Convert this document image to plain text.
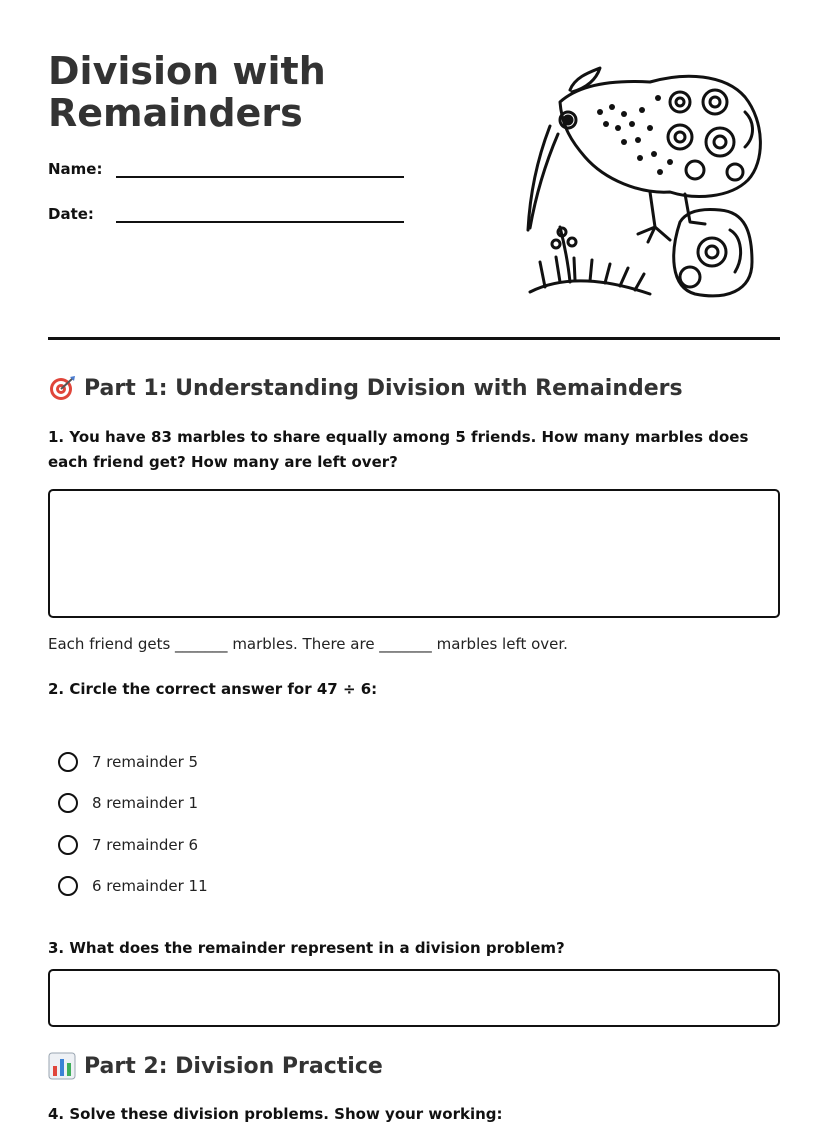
Division with Remainders
Name:
Date:
Part 1: Understanding Division with Remainders

1. You have 83 marbles to share equally among 5 friends. How many marbles does each friend get? How many are left over?

Each friend gets _______ marbles. There are _______ marbles left over.

2. Circle the correct answer for 47 ÷ 6:

7 remainder 5
8 remainder 1
7 remainder 6
6 remainder 11

3. What does the remainder represent in a division problem?

Part 2: Division Practice

4. Solve these division problems. Show your working:
